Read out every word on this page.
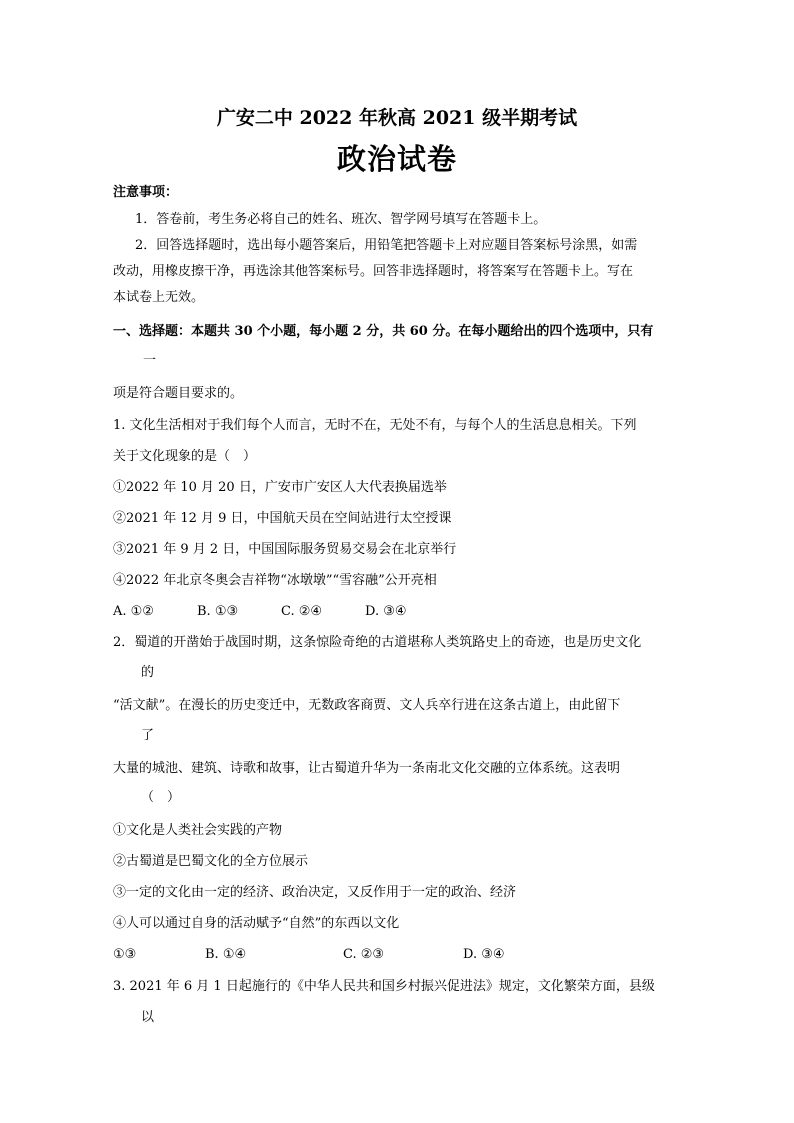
广安二中 2022 年秋高 2021 级半期考试
政治试卷
注意事项：
1．答卷前，考生务必将自己的姓名、班次、智学网号填写在答题卡上。
2．回答选择题时，选出每小题答案后，用铅笔把答题卡上对应题目答案标号涂黑，如需
改动，用橡皮擦干净，再选涂其他答案标号。回答非选择题时，将答案写在答题卡上。写在
本试卷上无效。
一、选择题：本题共 30 个小题，每小题 2 分，共 60 分。在每小题给出的四个选项中，只有
一
项是符合题目要求的。
1. 文化生活相对于我们每个人而言，无时不在，无处不有，与每个人的生活息息相关。下列
关于文化现象的是（　）
①2022 年 10 月 20 日，广安市广安区人大代表换届选举
②2021 年 12 月 9 日，中国航天员在空间站进行太空授课
③2021 年 9 月 2 日，中国国际服务贸易交易会在北京举行
④2022 年北京冬奥会吉祥物“冰墩墩”“雪容融”公开亮相
A. ①②	B. ①③	C. ②④	D. ③④
2．蜀道的开凿始于战国时期，这条惊险奇绝的古道堪称人类筑路史上的奇迹，也是历史文化
的
“活文献”。在漫长的历史变迁中，无数政客商贾、文人兵卒行进在这条古道上，由此留下
了
大量的城池、建筑、诗歌和故事，让古蜀道升华为一条南北文化交融的立体系统。这表明
（　）
①文化是人类社会实践的产物
②古蜀道是巴蜀文化的全方位展示
③一定的文化由一定的经济、政治决定，又反作用于一定的政治、经济
④人可以通过自身的活动赋予“自然”的东西以文化
①③	B. ①④	C. ②③	D. ③④
3. 2021 年 6 月 1 日起施行的《中华人民共和国乡村振兴促进法》规定，文化繁荣方面，县级
以
